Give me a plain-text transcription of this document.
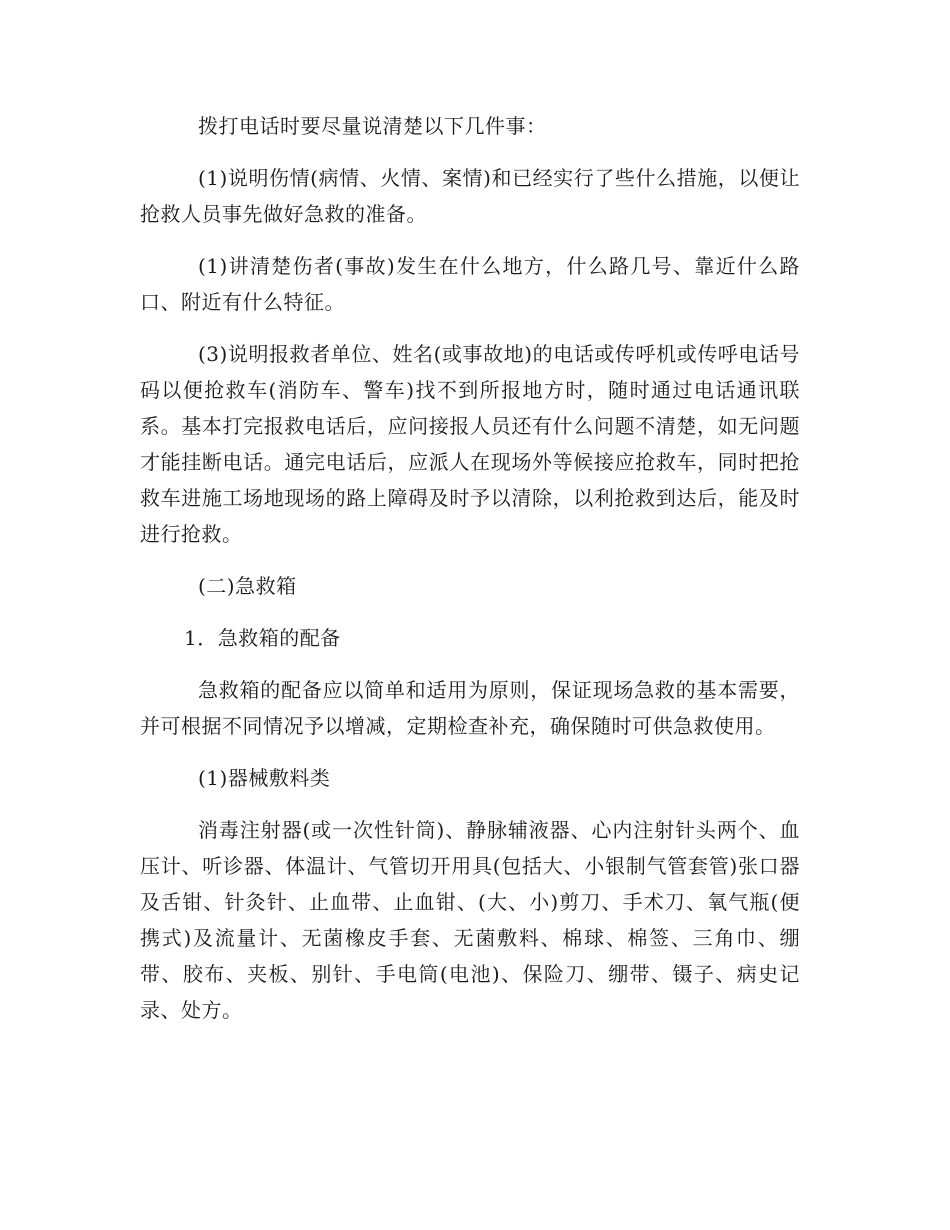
拨打电话时要尽量说清楚以下几件事：

(1)说明伤情(病情、火情、案情)和已经实行了些什么措施，以便让抢救人员事先做好急救的准备。

(1)讲清楚伤者(事故)发生在什么地方，什么路几号、靠近什么路口、附近有什么特征。

(3)说明报救者单位、姓名(或事故地)的电话或传呼机或传呼电话号码以便抢救车(消防车、警车)找不到所报地方时，随时通过电话通讯联系。基本打完报救电话后，应问接报人员还有什么问题不清楚，如无问题才能挂断电话。通完电话后，应派人在现场外等候接应抢救车，同时把抢救车进施工场地现场的路上障碍及时予以清除，以利抢救到达后，能及时进行抢救。

(二)急救箱

1．急救箱的配备

急救箱的配备应以简单和适用为原则，保证现场急救的基本需要，并可根据不同情况予以增减，定期检查补充，确保随时可供急救使用。

(1)器械敷料类

消毒注射器(或一次性针筒)、静脉辅液器、心内注射针头两个、血压计、听诊器、体温计、气管切开用具(包括大、小银制气管套管)张口器及舌钳、针灸针、止血带、止血钳、(大、小)剪刀、手术刀、氧气瓶(便携式)及流量计、无菌橡皮手套、无菌敷料、棉球、棉签、三角巾、绷带、胶布、夹板、别针、手电筒(电池)、保险刀、绷带、镊子、病史记录、处方。
